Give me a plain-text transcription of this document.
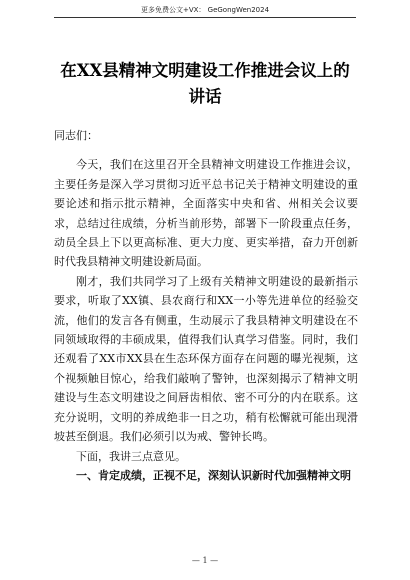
更多免费公文+VX： GeGongWen2024
在XX县精神文明建设工作推进会议上的讲话

同志们：

今天，我们在这里召开全县精神文明建设工作推进会议，主要任务是深入学习贯彻习近平总书记关于精神文明建设的重要论述和指示批示精神，全面落实中央和省、州相关会议要求，总结过往成绩，分析当前形势，部署下一阶段重点任务，动员全县上下以更高标准、更大力度、更实举措，奋力开创新时代我县精神文明建设新局面。

刚才，我们共同学习了上级有关精神文明建设的最新指示要求，听取了XX镇、县农商行和XX一小等先进单位的经验交流，他们的发言各有侧重，生动展示了我县精神文明建设在不同领域取得的丰硕成果，值得我们认真学习借鉴。同时，我们还观看了XX市XX县在生态环保方面存在问题的曝光视频，这个视频触目惊心，给我们敲响了警钟，也深刻揭示了精神文明建设与生态文明建设之间唇齿相依、密不可分的内在联系。这充分说明，文明的养成绝非一日之功，稍有松懈就可能出现滑坡甚至倒退。我们必须引以为戒、警钟长鸣。

下面，我讲三点意见。

一、肯定成绩，正视不足，深刻认识新时代加强精神文明

— 1 —
